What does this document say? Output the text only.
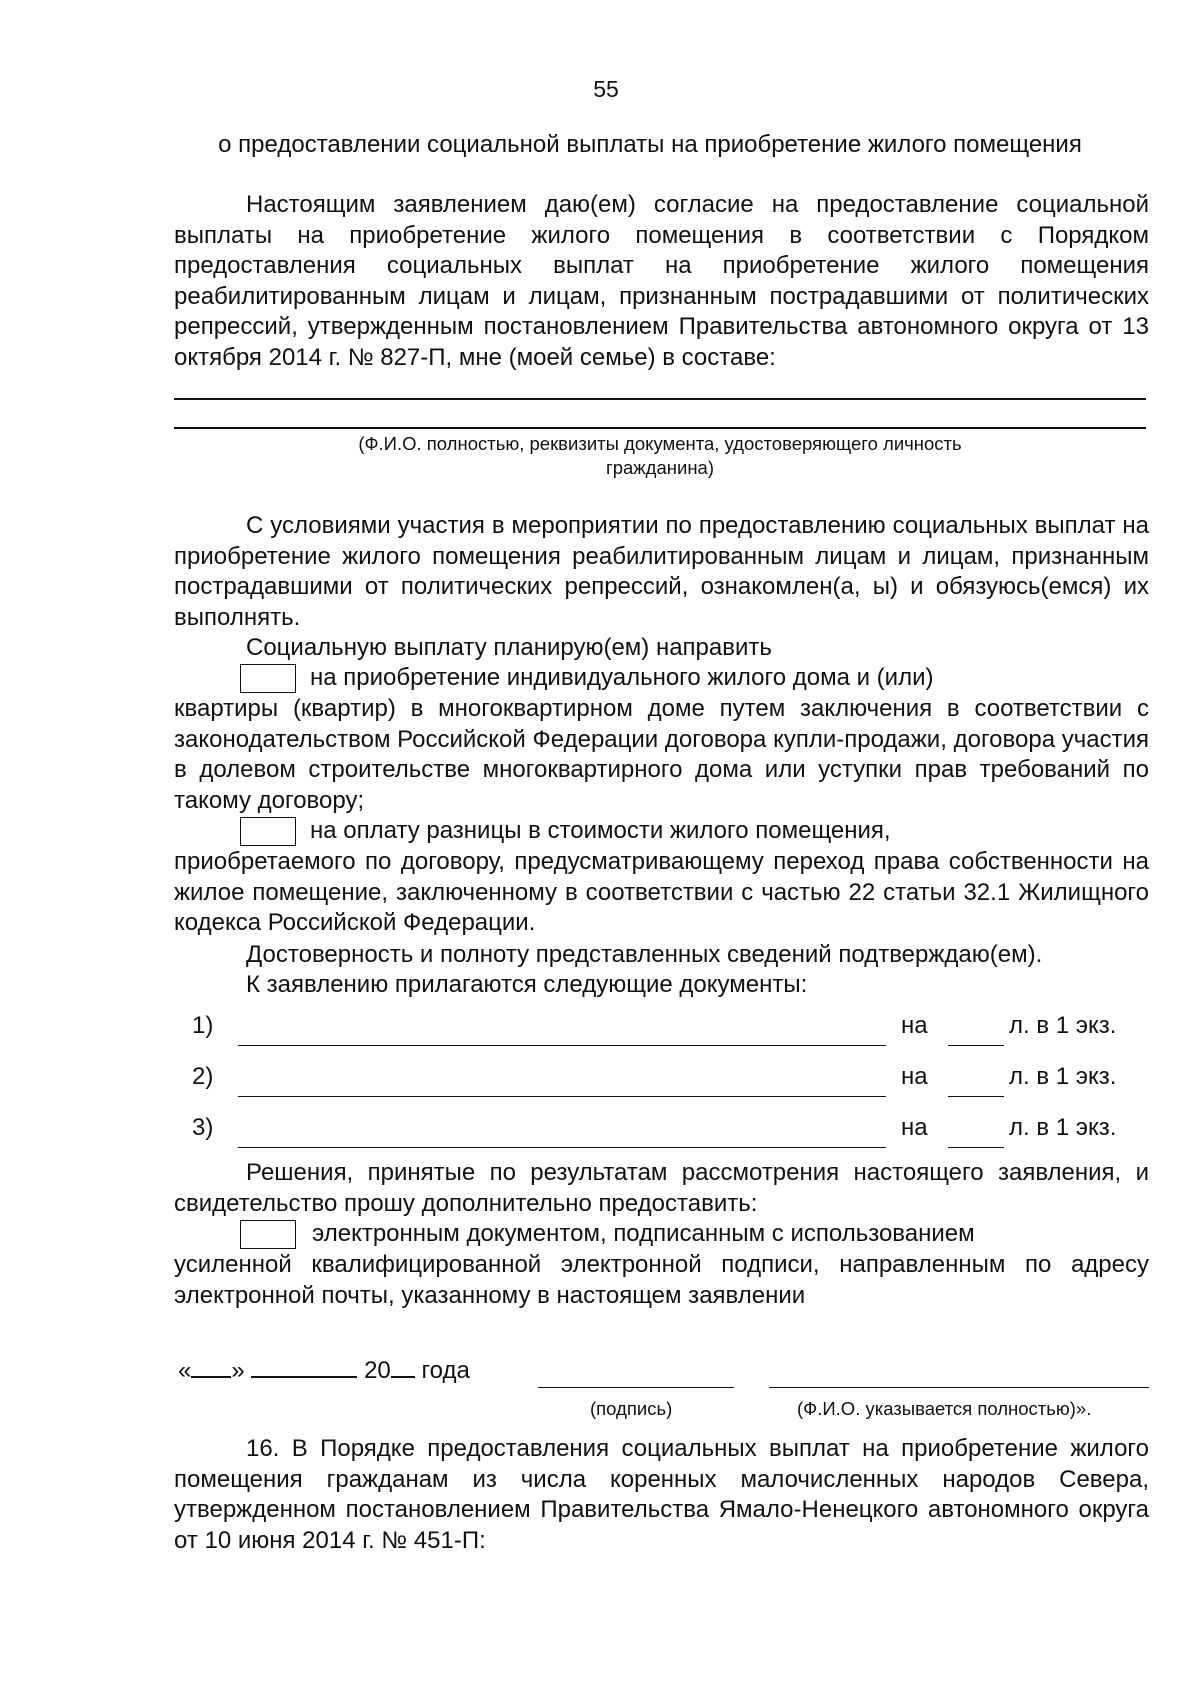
55
о предоставлении социальной выплаты на приобретение жилого помещения
Настоящим заявлением даю(ем) согласие на предоставление социальной выплаты на приобретение жилого помещения в соответствии с Порядком предоставления социальных выплат на приобретение жилого помещения реабилитированным лицам и лицам, признанным пострадавшими от политических репрессий, утвержденным постановлением Правительства автономного округа от 13 октября 2014 г. № 827-П, мне (моей семье) в составе:
(Ф.И.О. полностью, реквизиты документа, удостоверяющего личность
гражданина)
С условиями участия в мероприятии по предоставлению социальных выплат на приобретение жилого помещения реабилитированным лицам и лицам, признанным пострадавшими от политических репрессий, ознакомлен(а, ы) и обязуюсь(емся) их выполнять.
Социальную выплату планирую(ем) направить
на приобретение индивидуального жилого дома и (или)
квартиры (квартир) в многоквартирном доме путем заключения в соответствии с законодательством Российской Федерации договора купли-продажи, договора участия в долевом строительстве многоквартирного дома или уступки прав требований по такому договору;
на оплату разницы в стоимости жилого помещения,
приобретаемого по договору, предусматривающему переход права собственности на жилое помещение, заключенному в соответствии с частью 22 статьи 32.1 Жилищного кодекса Российской Федерации.
Достоверность и полноту представленных сведений подтверждаю(ем).
К заявлению прилагаются следующие документы:
1)	на	л. в 1 экз.
2)	на	л. в 1 экз.
3)	на	л. в 1 экз.
Решения, принятые по результатам рассмотрения настоящего заявления, и свидетельство прошу дополнительно предоставить:
электронным документом, подписанным с использованием
усиленной квалифицированной электронной подписи, направленным по адресу электронной почты, указанному в настоящем заявлении
« »	20 года
(подпись)	(Ф.И.О. указывается полностью)».
16. В Порядке предоставления социальных выплат на приобретение жилого помещения гражданам из числа коренных малочисленных народов Севера, утвержденном постановлением Правительства Ямало-Ненецкого автономного округа от 10 июня 2014 г. № 451-П:
